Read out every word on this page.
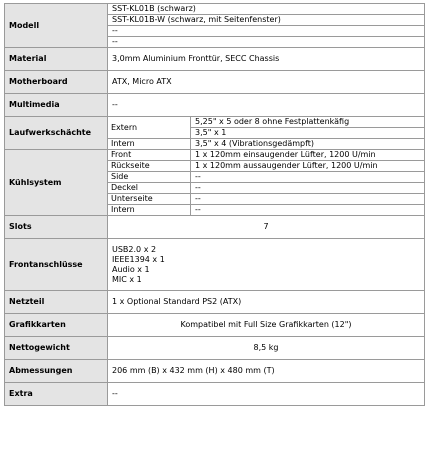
Modell	SST-KL01B (schwarz)	
	SST-KL01B-W (schwarz, mit Seitenfenster)	
	--	
	--	
Material	3,0mm Aluminium Fronttür, SECC Chassis	
Motherboard	ATX, Micro ATX	
Multimedia	--	
Laufwerkschächte	Extern	5,25" x 5 oder 8 ohne Festplattenkäfig
		3,5" x 1
	Intern	3,5" x 4 (Vibrationsgedämpft)
Kühlsystem	Front	1 x 120mm einsaugender Lüfter, 1200 U/min
	Rückseite	1 x 120mm aussaugender Lüfter, 1200 U/min
	Side	--
	Deckel	--
	Unterseite	--
	Intern	--
Slots	7	
Frontanschlüsse	USB2.0 x 2
IEEE1394 x 1
Audio x 1
MIC x 1	

Netzteil	1 x Optional Standard PS2 (ATX)	
Grafikkarten	Kompatibel mit Full Size Grafikkarten (12")	
Nettogewicht	8,5 kg	
Abmessungen	206 mm (B) x 432 mm (H) x 480 mm (T)	
Extra	--	
